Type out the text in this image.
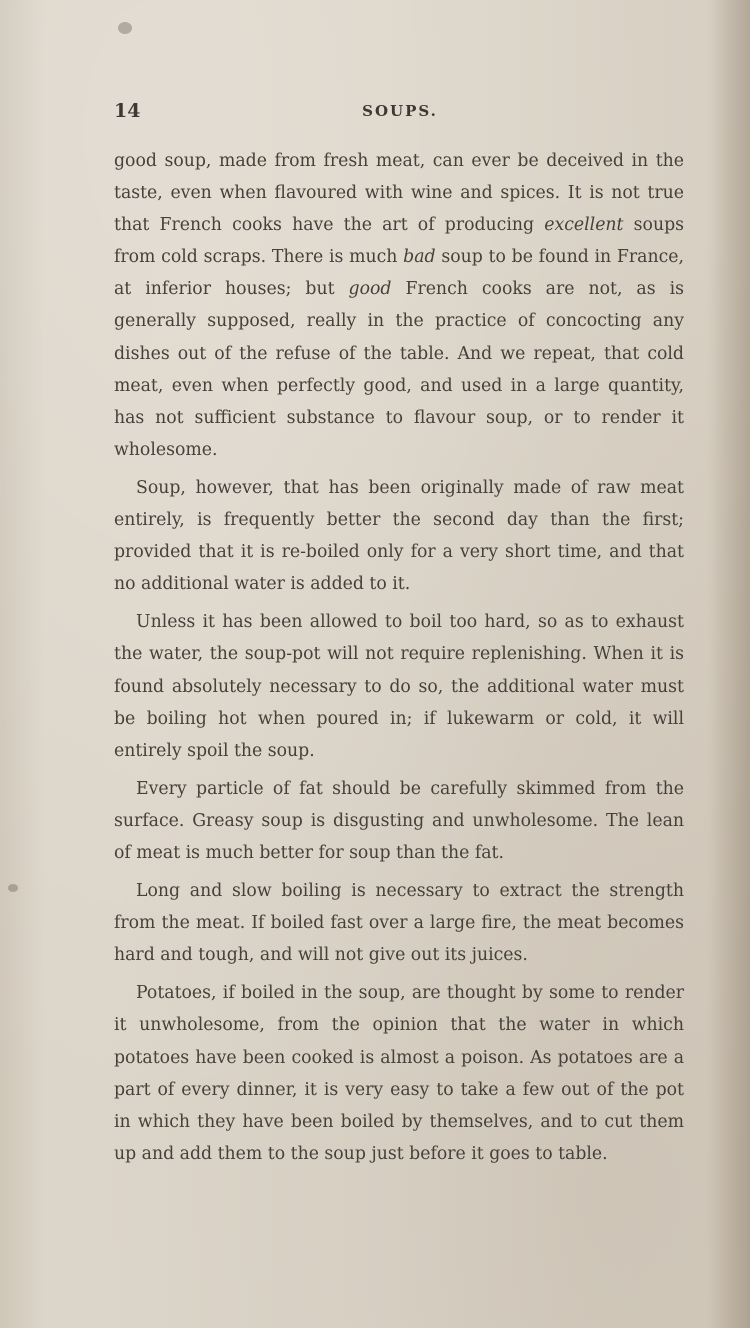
14	SOUPS.

good soup, made from fresh meat, can ever be deceived in the taste, even when flavoured with wine and spices. It is not true that French cooks have the art of producing excellent soups from cold scraps. There is much bad soup to be found in France, at inferior houses; but good French cooks are not, as is generally supposed, really in the practice of concocting any dishes out of the refuse of the table. And we repeat, that cold meat, even when perfectly good, and used in a large quantity, has not sufficient substance to flavour soup, or to render it wholesome.

Soup, however, that has been originally made of raw meat entirely, is frequently better the second day than the first; provided that it is re-boiled only for a very short time, and that no additional water is added to it.

Unless it has been allowed to boil too hard, so as to exhaust the water, the soup-pot will not require replenishing. When it is found absolutely necessary to do so, the additional water must be boiling hot when poured in; if lukewarm or cold, it will entirely spoil the soup.

Every particle of fat should be carefully skimmed from the surface. Greasy soup is disgusting and unwholesome. The lean of meat is much better for soup than the fat.

Long and slow boiling is necessary to extract the strength from the meat. If boiled fast over a large fire, the meat becomes hard and tough, and will not give out its juices.

Potatoes, if boiled in the soup, are thought by some to render it unwholesome, from the opinion that the water in which potatoes have been cooked is almost a poison. As potatoes are a part of every dinner, it is very easy to take a few out of the pot in which they have been boiled by themselves, and to cut them up and add them to the soup just before it goes to table.
